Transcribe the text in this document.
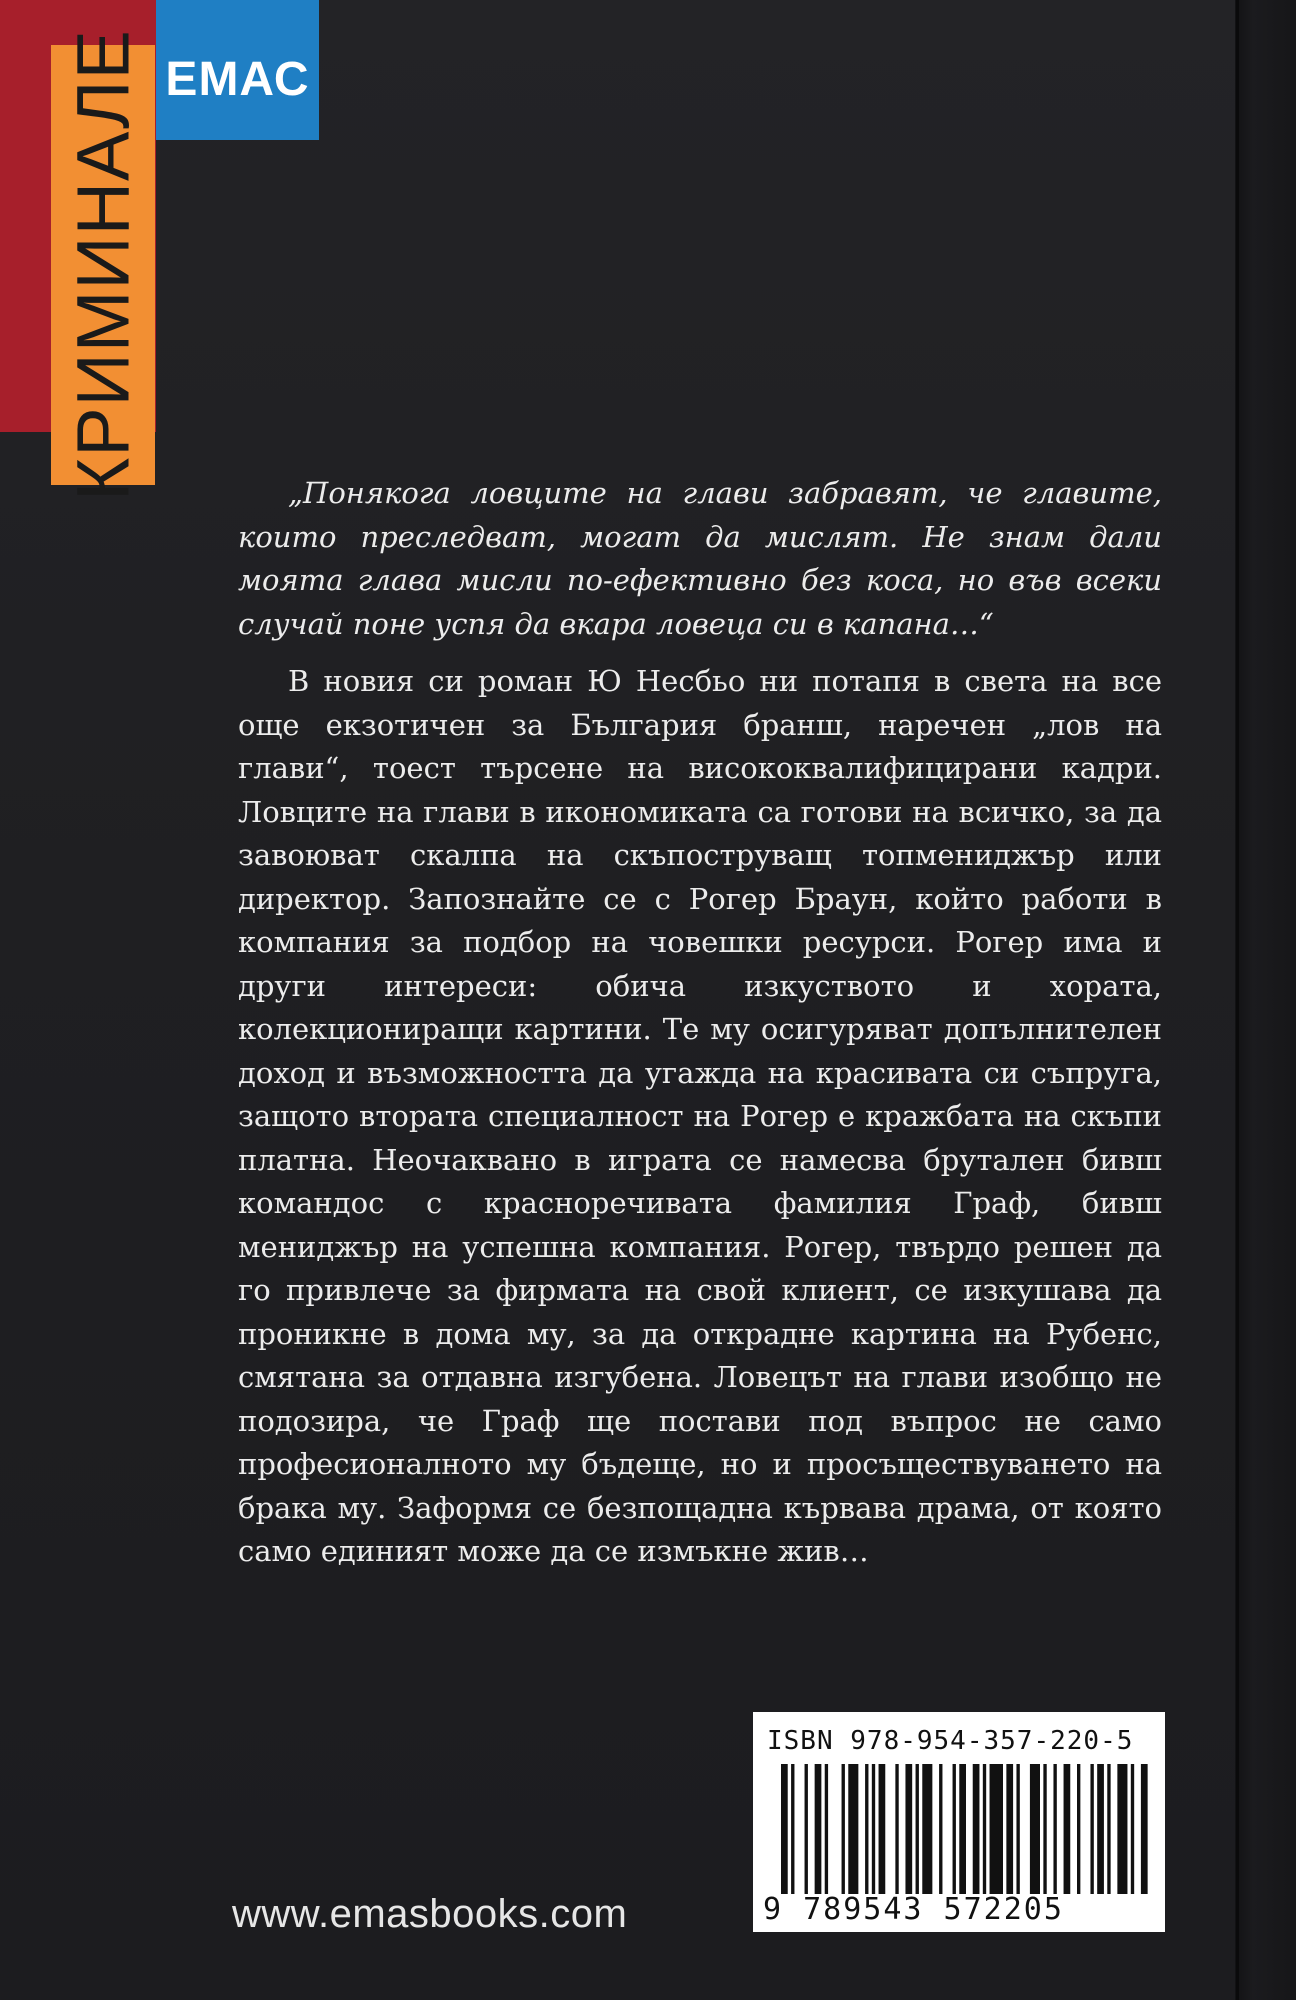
КРИМИНАЛЕ ЕМАС

„Понякога ловците на глави забравят, че главите, които преследват, могат да мислят. Не знам дали моята глава мисли по-ефективно без коса, но във всеки случай поне успя да вкара ловеца си в капана…“

В новия си роман Ю Несбьо ни потапя в света на все още екзотичен за България бранш, наречен „лов на глави“, тоест търсене на висококвалифицирани кадри. Ловците на глави в икономиката са готови на всичко, за да завоюват скалпа на скъпоструващ топмениджър или директор. Запознайте се с Рогер Браун, който работи в компания за подбор на човешки ресурси. Рогер има и други интереси: обича изкуството и хората, колекциониращи картини. Те му осигуряват допълнителен доход и възможността да угажда на красивата си съпруга, защото втората специалност на Рогер е кражбата на скъпи платна. Неочаквано в играта се намесва брутален бивш командос с красноречивата фамилия Граф, бивш мениджър на успешна компания. Рогер, твърдо решен да го привлече за фирмата на свой клиент, се изкушава да проникне в дома му, за да открадне картина на Рубенс, смятана за отдавна изгубена. Ловецът на глави изобщо не подозира, че Граф ще постави под въпрос не само професионалното му бъдеще, но и просъществуването на брака му. Заформя се безпощадна кървава драма, от която само единият може да се измъкне жив…

ISBN 978-954-357-220-5
9 789543 572205
www.emasbooks.com
